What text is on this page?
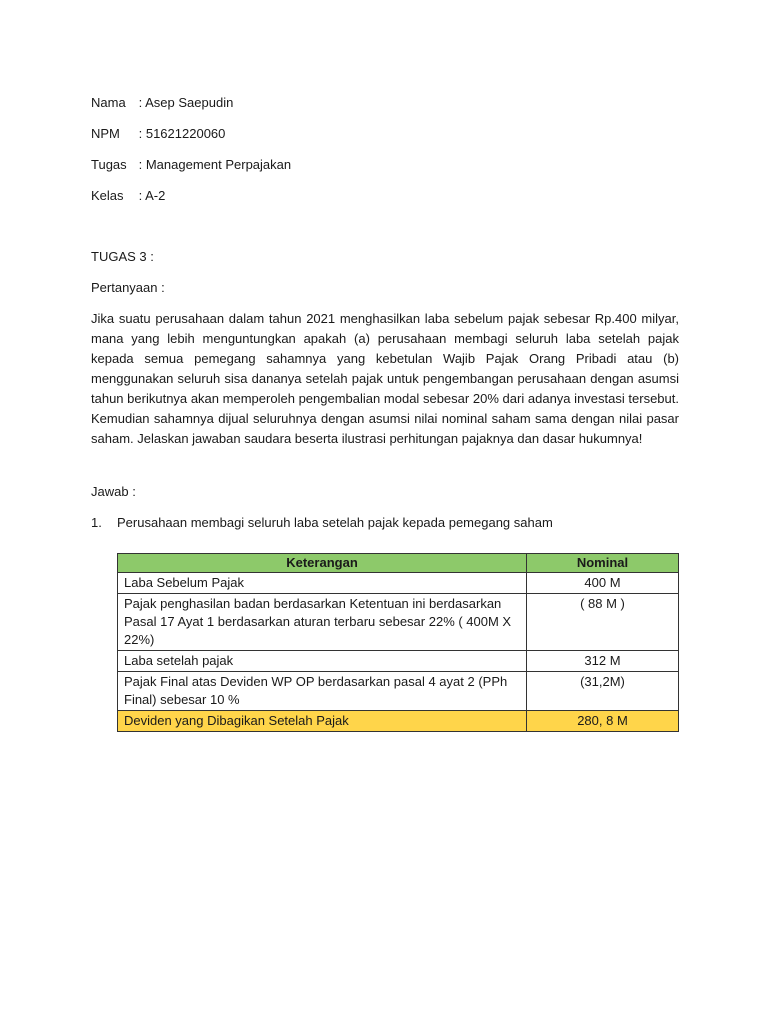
Nama : Asep Saepudin
NPM : 51621220060
Tugas : Management Perpajakan
Kelas : A-2
TUGAS 3 :
Pertanyaan :
Jika suatu perusahaan dalam tahun 2021 menghasilkan laba sebelum pajak sebesar Rp.400 milyar, mana yang lebih menguntungkan apakah (a) perusahaan membagi seluruh laba setelah pajak kepada semua pemegang sahamnya yang kebetulan Wajib Pajak Orang Pribadi atau (b) menggunakan seluruh sisa dananya setelah pajak untuk pengembangan perusahaan dengan asumsi tahun berikutnya akan memperoleh pengembalian modal sebesar 20% dari adanya investasi tersebut. Kemudian sahamnya dijual seluruhnya dengan asumsi nilai nominal saham sama dengan nilai pasar saham. Jelaskan jawaban saudara beserta ilustrasi perhitungan pajaknya dan dasar hukumnya!
Jawab :
1. Perusahaan membagi seluruh laba setelah pajak kepada pemegang saham
Keterangan	Nominal
Laba Sebelum Pajak	400 M
Pajak penghasilan badan berdasarkan Ketentuan ini berdasarkan Pasal 17 Ayat 1 berdasarkan aturan terbaru sebesar 22% ( 400M X 22%)	( 88 M )
Laba setelah pajak	312 M
Pajak Final atas Deviden WP OP berdasarkan pasal 4 ayat 2 (PPh Final) sebesar 10 %	(31,2M)
Deviden yang Dibagikan Setelah Pajak	280, 8 M
